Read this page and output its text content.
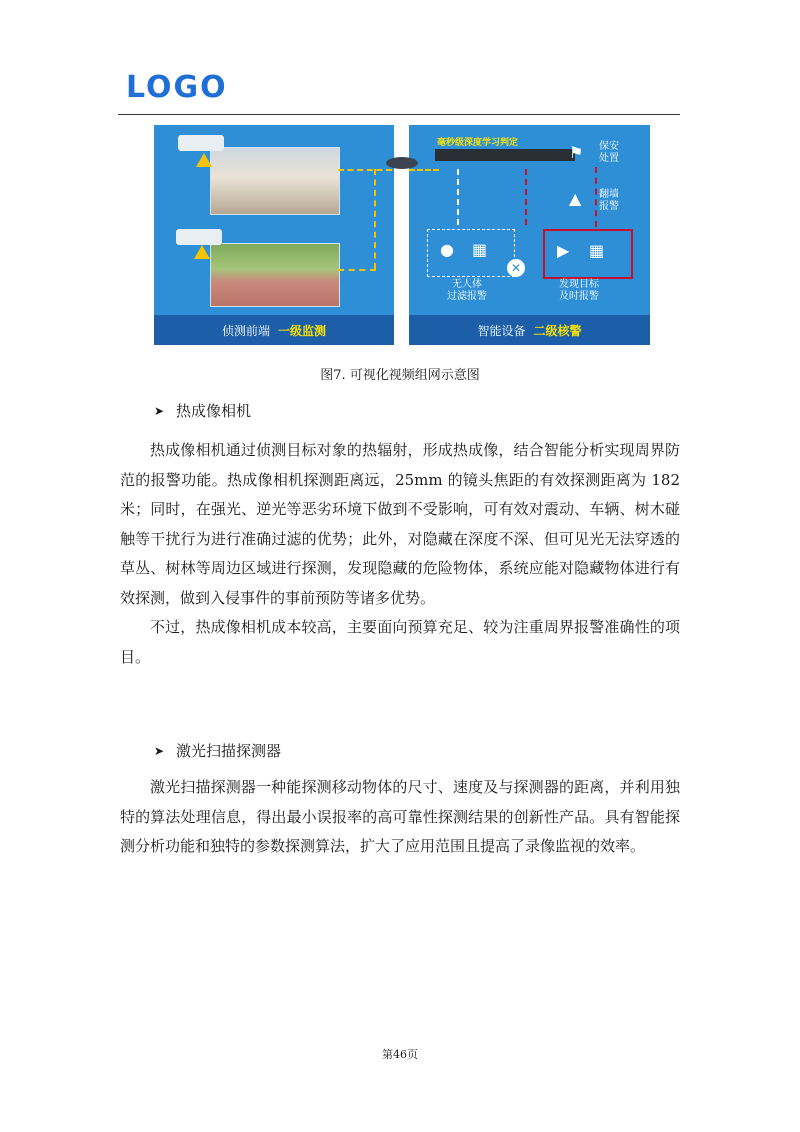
LOGO
侦测前端 一级监测
毫秒级深度学习判定	⚑ 保安
处置
▲ 翻墙
报警
● ▦	▶ ▦
✕
无人体
过滤报警
发现目标
及时报警
智能设备 二级核警
图7. 可视化视频组网示意图
➤ 热成像相机

热成像相机通过侦测目标对象的热辐射，形成热成像，结合智能分析实现周界防范的报警功能。热成像相机探测距离远，25mm 的镜头焦距的有效探测距离为 182 米；同时，在强光、逆光等恶劣环境下做到不受影响，可有效对震动、车辆、树木碰触等干扰行为进行准确过滤的优势；此外，对隐藏在深度不深、但可见光无法穿透的草丛、树林等周边区域进行探测，发现隐藏的危险物体，系统应能对隐藏物体进行有效探测，做到入侵事件的事前预防等诸多优势。

不过，热成像相机成本较高，主要面向预算充足、较为注重周界报警准确性的项目。

➤ 激光扫描探测器

激光扫描探测器一种能探测移动物体的尺寸、速度及与探测器的距离，并利用独特的算法处理信息，得出最小误报率的高可靠性探测结果的创新性产品。具有智能探测分析功能和独特的参数探测算法，扩大了应用范围且提高了录像监视的效率。

第46页
